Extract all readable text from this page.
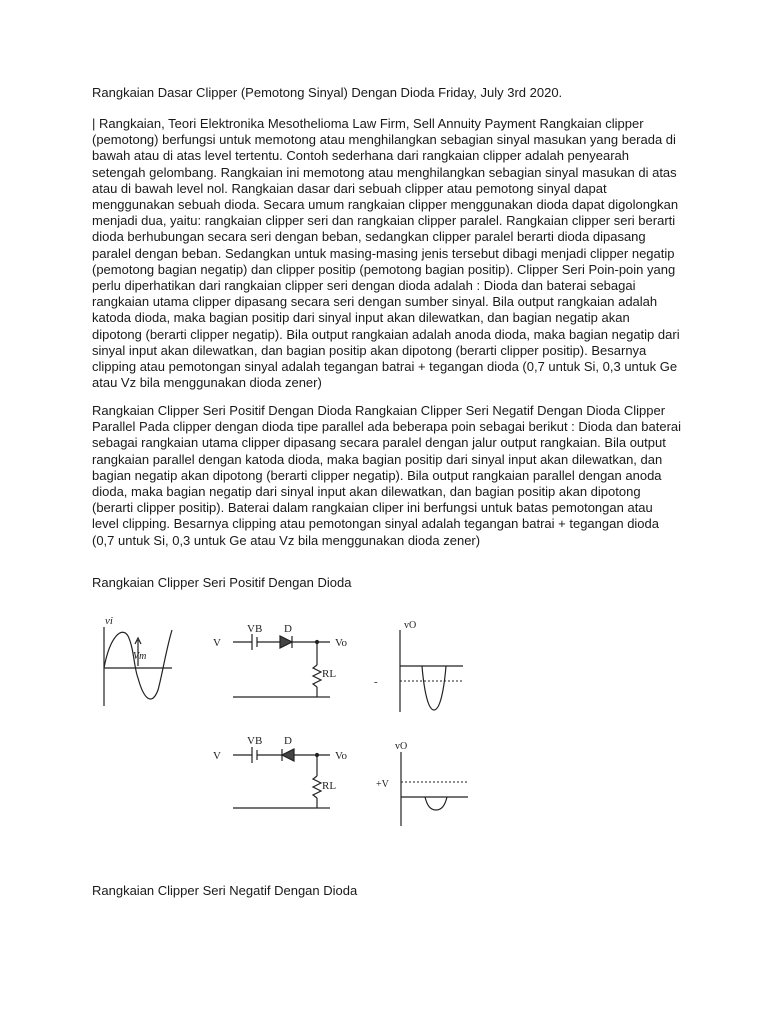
Rangkaian Dasar Clipper (Pemotong Sinyal) Dengan Dioda Friday, July 3rd 2020.

| Rangkaian, Teori Elektronika Mesothelioma Law Firm, Sell Annuity Payment Rangkaian clipper (pemotong) berfungsi untuk memotong atau menghilangkan sebagian sinyal masukan yang berada di bawah atau di atas level tertentu. Contoh sederhana dari rangkaian clipper adalah penyearah setengah gelombang. Rangkaian ini memotong atau menghilangkan sebagian sinyal masukan di atas atau di bawah level nol. Rangkaian dasar dari sebuah clipper atau pemotong sinyal dapat menggunakan sebuah dioda. Secara umum rangkaian clipper menggunakan dioda dapat digolongkan menjadi dua, yaitu: rangkaian clipper seri dan rangkaian clipper paralel. Rangkaian clipper seri berarti dioda berhubungan secara seri dengan beban, sedangkan clipper paralel berarti dioda dipasang paralel dengan beban. Sedangkan untuk masing-masing jenis tersebut dibagi menjadi clipper negatip (pemotong bagian negatip) dan clipper positip (pemotong bagian positip). Clipper Seri Poin-poin yang perlu diperhatikan dari rangkaian clipper seri dengan dioda adalah : Dioda dan baterai sebagai rangkaian utama clipper dipasang secara seri dengan sumber sinyal. Bila output rangkaian adalah katoda dioda, maka bagian positip dari sinyal input akan dilewatkan, dan bagian negatip akan dipotong (berarti clipper negatip). Bila output rangkaian adalah anoda dioda, maka bagian negatip dari sinyal input akan dilewatkan, dan bagian positip akan dipotong (berarti clipper positip). Besarnya clipping atau pemotongan sinyal adalah tegangan batrai + tegangan dioda (0,7 untuk Si, 0,3 untuk Ge atau Vz bila menggunakan dioda zener)

Rangkaian Clipper Seri Positif Dengan Dioda Rangkaian Clipper Seri Negatif Dengan Dioda Clipper Parallel Pada clipper dengan dioda tipe parallel ada beberapa poin sebagai berikut : Dioda dan baterai sebagai rangkaian utama clipper dipasang secara paralel dengan jalur output rangkaian. Bila output rangkaian parallel dengan katoda dioda, maka bagian positip dari sinyal input akan dilewatkan, dan bagian negatip akan dipotong (berarti clipper negatip). Bila output rangkaian parallel dengan anoda dioda, maka bagian negatip dari sinyal input akan dilewatkan, dan bagian positip akan dipotong (berarti clipper positip). Baterai dalam rangkaian cliper ini berfungsi untuk batas pemotongan atau level clipping. Besarnya clipping atau pemotongan sinyal adalah tegangan batrai + tegangan dioda (0,7 untuk Si, 0,3 untuk Ge atau Vz bila menggunakan dioda zener)

Rangkaian Clipper Seri Positif Dengan Dioda

vi
Vm
V
VB D
Vo
RL
vO
-
V
VB D
Vo
RL
vO
+V

Rangkaian Clipper Seri Negatif Dengan Dioda
